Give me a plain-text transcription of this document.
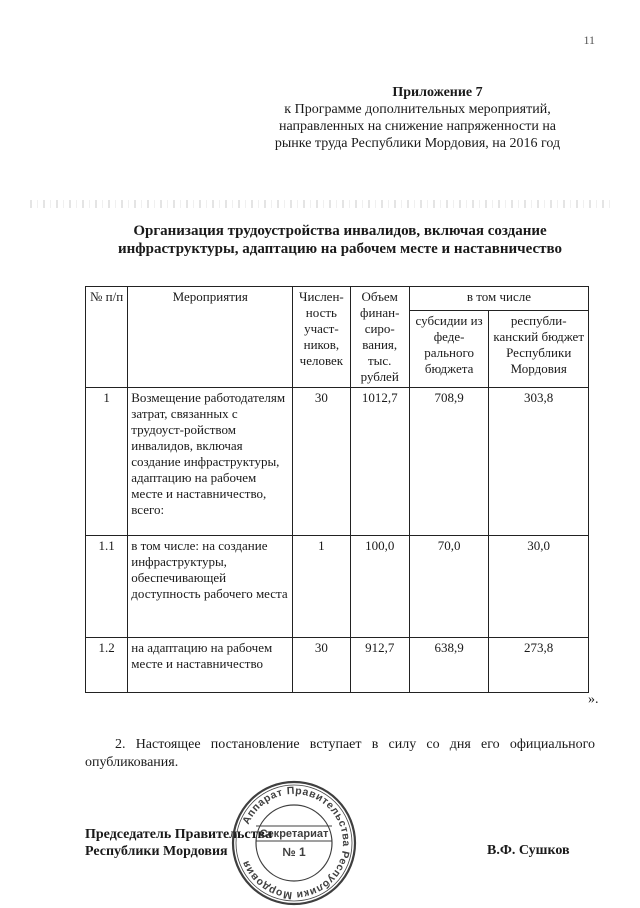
11
Приложение 7
к Программе дополнительных мероприятий,
направленных на снижение напряженности на
рынке труда Республики Мордовия, на 2016 год
Организация трудоустройства инвалидов, включая создание
инфраструктуры, адаптацию на рабочем месте и наставничество
№ п/п	Мероприятия	Числен-ность участ-ников, человек	Объем финан-сиро-вания, тыс. рублей	в том числе	
				субсидии из феде-рального бюджета	республи-канский бюджет Республики Мордовия
1	Возмещение работодателям затрат, связанных с трудоуст-ройством инвалидов, включая создание инфраструктуры, адаптацию на рабочем месте и наставничество, всего:	30	1012,7	708,9	303,8
1.1	в том числе: на создание инфраструктуры, обеспечивающей доступность рабочего места	1	100,0	70,0	30,0
1.2	на адаптацию на рабочем месте и наставничество	30	912,7	638,9	273,8
».
2. Настоящее постановление вступает в силу со дня его официального опубликования.
Председатель Правительства
Республики Мордовия	В.Ф. Сушков
Аппарат Правительства Республики Мордовия
Секретариат
№ 1
